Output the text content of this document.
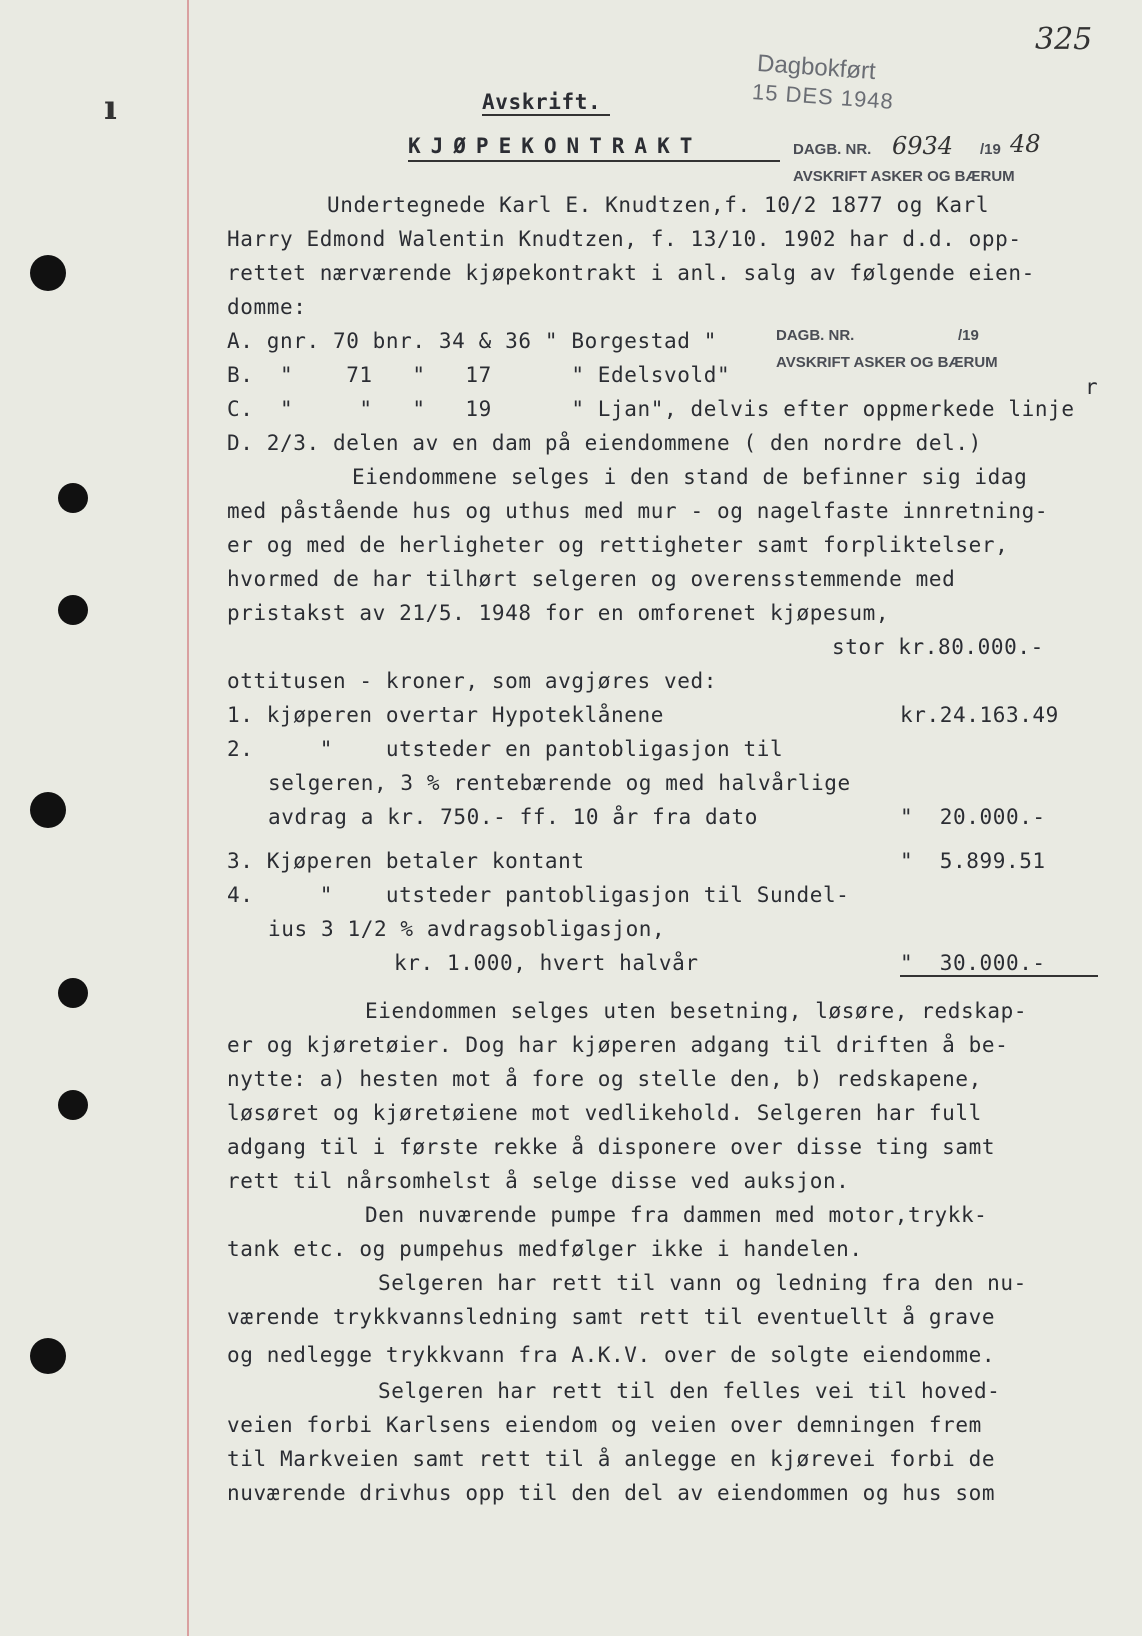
325
ı
Dagbokført
15 DES 1948
Avskrift.
KJØPEKONTRAKT	DAGB. NR. 6934 /19 48
AVSKRIFT ASKER OG BÆRUM
DAGB. NR.	/19
AVSKRIFT ASKER OG BÆRUM
r
Undertegnede Karl E. Knudtzen,f. 10/2 1877 og Karl
Harry Edmond Walentin Knudtzen, f. 13/10. 1902 har d.d. opp-
rettet nærværende kjøpekontrakt i anl. salg av følgende eien-
domme:
A. gnr. 70 bnr. 34 & 36 " Borgestad "
B.  "    71   "   17      " Edelsvold"
C.  "     "   "   19      " Ljan", delvis efter oppmerkede linje
D. 2/3. delen av en dam på eiendommene ( den nordre del.)
Eiendommene selges i den stand de befinner sig idag
med påstående hus og uthus med mur - og nagelfaste innretning-
er og med de herligheter og rettigheter samt forpliktelser,
hvormed de har tilhørt selgeren og overensstemmende med
pristakst av 21/5. 1948 for en omforenet kjøpesum,
stor kr.80.000.-
ottitusen - kroner, som avgjøres ved:
1. kjøperen overtar Hypoteklånene	kr.24.163.49
2.     "    utsteder en pantobligasjon til
selgeren, 3 % rentebærende og med halvårlige
avdrag a kr. 750.- ff. 10 år fra dato	"  20.000.-
3. Kjøperen betaler kontant	"  5.899.51
4.     "    utsteder pantobligasjon til Sundel-
ius 3 1/2 % avdragsobligasjon,
kr. 1.000, hvert halvår	"  30.000.-
Eiendommen selges uten besetning, løsøre, redskap-
er og kjøretøier. Dog har kjøperen adgang til driften å be-
nytte: a) hesten mot å fore og stelle den, b) redskapene,
løsøret og kjøretøiene mot vedlikehold. Selgeren har full
adgang til i første rekke å disponere over disse ting samt
rett til nårsomhelst å selge disse ved auksjon.
Den nuværende pumpe fra dammen med motor,trykk-
tank etc. og pumpehus medfølger ikke i handelen.
Selgeren har rett til vann og ledning fra den nu-
værende trykkvannsledning samt rett til eventuellt å grave
og nedlegge trykkvann fra A.K.V. over de solgte eiendomme.
Selgeren har rett til den felles vei til hoved-
veien forbi Karlsens eiendom og veien over demningen frem
til Markveien samt rett til å anlegge en kjørevei forbi de
nuværende drivhus opp til den del av eiendommen og hus som
